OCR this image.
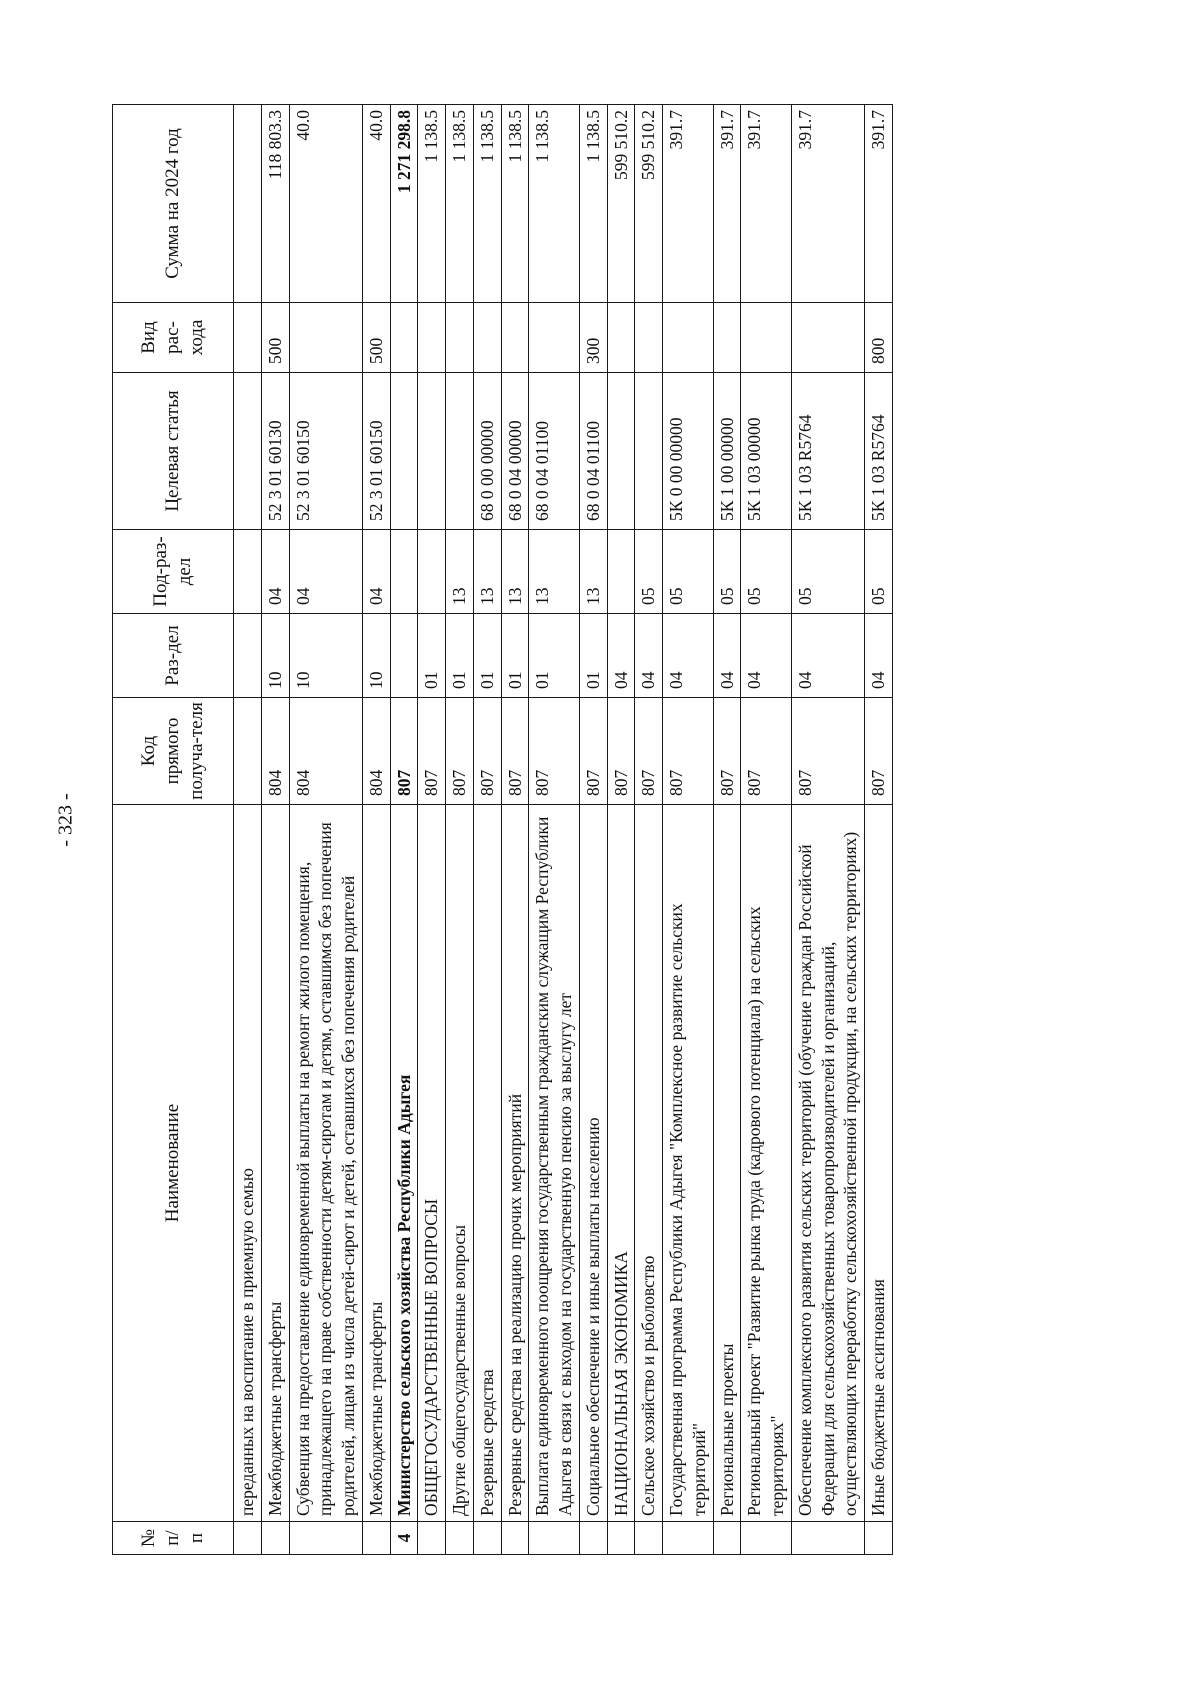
- 323 -
№ п/п	Наименование	Код прямого получа-теля	Раз-дел	Под-раз-дел	Целевая статья	Вид рас-хода	Сумма на 2024 год
	переданных на воспитание в приемную семью						
	Межбюджетные трансферты	804	10	04	52 3 01 60130	500	118 803.3
	Субвенция на предоставление единовременной выплаты на ремонт жилого помещения, принадлежащего на праве собственности детям-сиротам и детям, оставшимся без попечения родителей, лицам из числа детей-сирот и детей, оставшихся без попечения родителей	804	10	04	52 3 01 60150		40.0
	Межбюджетные трансферты	804	10	04	52 3 01 60150	500	40.0
4	Министерство сельского хозяйства Республики Адыгея	807					1 271 298.8
	ОБЩЕГОСУДАРСТВЕННЫЕ ВОПРОСЫ	807	01				1 138.5
	Другие общегосударственные вопросы	807	01	13			1 138.5
	Резервные средства	807	01	13	68 0 00 00000		1 138.5
	Резервные средства на реализацию прочих мероприятий	807	01	13	68 0 04 00000		1 138.5
	Выплата единовременного поощрения государственным гражданским служащим Республики Адыгея в связи с выходом на государственную пенсию за выслугу лет	807	01	13	68 0 04 01100		1 138.5
	Социальное обеспечение и иные выплаты населению	807	01	13	68 0 04 01100	300	1 138.5
	НАЦИОНАЛЬНАЯ ЭКОНОМИКА	807	04				599 510.2
	Сельское хозяйство и рыболовство	807	04	05			599 510.2
	Государственная программа Республики Адыгея "Комплексное развитие сельских территорий"	807	04	05	5К 0 00 00000		391.7
	Региональные проекты	807	04	05	5К 1 00 00000		391.7
	Региональный проект "Развитие рынка труда (кадрового потенциала) на сельских территориях"	807	04	05	5К 1 03 00000		391.7
	Обеспечение комплексного развития сельских территорий (обучение граждан Российской Федерации для сельскохозяйственных товаропроизводителей и организаций, осуществляющих переработку сельскохозяйственной продукции, на сельских территориях)	807	04	05	5К 1 03 R5764		391.7
	Иные бюджетные ассигнования	807	04	05	5К 1 03 R5764	800	391.7
